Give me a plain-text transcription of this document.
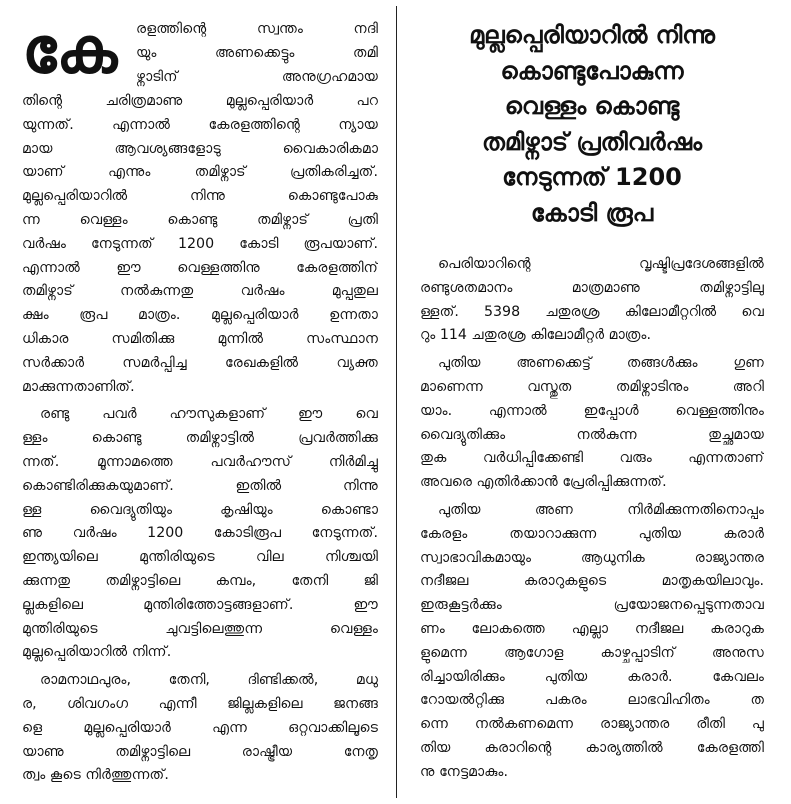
കേ രളത്തിന്റെ സ്വന്തം നദി
യും അണക്കെട്ടും തമി
ഴ്നാടിന് അനുഗ്രഹമായ
തിന്റെ ചരിത്രമാണു മുല്ലപ്പെരിയാർ പറ
യുന്നത്. എന്നാൽ കേരളത്തിന്റെ ന്യായ
മായ ആവശ്യങ്ങളോടു വൈകാരികമാ
യാണ് എന്നും തമിഴ്നാട് പ്രതികരിച്ചത്.
മുല്ലപ്പെരിയാറിൽ നിന്നു കൊണ്ടുപോകു
ന്ന വെള്ളം കൊണ്ടു തമിഴ്നാട് പ്രതി
വർഷം നേടുന്നത് 1200 കോടി രൂപയാണ്.
എന്നാൽ ഈ വെള്ളത്തിനു കേരളത്തിന്
തമിഴ്നാട് നൽകുന്നതു വർഷം മുപ്പതുല
ക്ഷം രൂപ മാത്രം. മുല്ലപ്പെരിയാർ ഉന്നതാ
ധികാര സമിതിക്കു മുന്നിൽ സംസ്ഥാന
സർക്കാർ സമർപ്പിച്ച രേഖകളിൽ വ്യക്ത
മാക്കുന്നതാണിത്.
രണ്ടു പവർ ഹൗസുകളാണ് ഈ വെ
ള്ളം കൊണ്ടു തമിഴ്നാട്ടിൽ പ്രവർത്തിക്കു
ന്നത്. മൂന്നാമത്തെ പവർഹൗസ് നിർമിച്ചു
കൊണ്ടിരിക്കുകയുമാണ്. ഇതിൽ നിന്നു
ള്ള വൈദ്യുതിയും കൃഷിയും കൊണ്ടാ
ണു വർഷം 1200 കോടിരൂപ നേടുന്നത്.
ഇന്ത്യയിലെ മുന്തിരിയുടെ വില നിശ്ചയി
ക്കുന്നതു തമിഴ്നാട്ടിലെ കമ്പം, തേനി ജി
ല്ലകളിലെ മുന്തിരിത്തോട്ടങ്ങളാണ്. ഈ
മുന്തിരിയുടെ ചുവട്ടിലെത്തുന്ന വെള്ളം
മുല്ലപ്പെരിയാറിൽ നിന്ന്.
രാമനാഥപുരം, തേനി, ദിണ്ടിക്കൽ, മധു
ര, ശിവഗംഗ എന്നീ ജില്ലകളിലെ ജനങ്ങ
ളെ മുല്ലപ്പെരിയാർ എന്ന ഒറ്റവാക്കിലൂടെ
യാണു തമിഴ്നാട്ടിലെ രാഷ്ട്രീയ നേതൃ
ത്വം കൂടെ നിർത്തുന്നത്.
മുല്ലപ്പെരിയാറിൽ നിന്നു
കൊണ്ടുപോകുന്ന
വെള്ളം കൊണ്ടു
തമിഴ്നാട് പ്രതിവർഷം
നേടുന്നത് 1200
കോടി രൂപ
പെരിയാറിന്റെ വൃഷ്ടിപ്രദേശങ്ങളിൽ
രണ്ടുശതമാനം മാത്രമാണു തമിഴ്നാട്ടിലു
ള്ളത്. 5398 ചതുരശ്ര കിലോമീറ്ററിൽ വെ
റും 114 ചതുരശ്ര കിലോമീറ്റർ മാത്രം.
പുതിയ അണക്കെട്ട് തങ്ങൾക്കും ഗുണ
മാണെന്ന വസ്തുത തമിഴ്നാടിനും അറി
യാം. എന്നാൽ ഇപ്പോൾ വെള്ളത്തിനും
വൈദ്യുതിക്കും നൽകുന്ന തുച്ഛമായ
തുക വർധിപ്പിക്കേണ്ടി വരും എന്നതാണ്
അവരെ എതിർക്കാൻ പ്രേരിപ്പിക്കുന്നത്.
പുതിയ അണ നിർമിക്കുന്നതിനൊപ്പം
കേരളം തയാറാക്കുന്ന പുതിയ കരാർ
സ്വാഭാവികമായും ആധുനിക രാജ്യാന്തര
നദീജല കരാറുകളുടെ മാതൃകയിലാവും.
ഇരുകൂട്ടർക്കും പ്രയോജനപ്പെടുന്നതാവ
ണം ലോകത്തെ എല്ലാ നദീജല കരാറുക
ളുമെന്ന ആഗോള കാഴ്ചപ്പാടിന് അനുസ
രിച്ചായിരിക്കും പുതിയ കരാർ. കേവലം
റോയൽറ്റിക്കു പകരം ലാഭവിഹിതം ത
ന്നെ നൽകണമെന്ന രാജ്യാന്തര രീതി പു
തിയ കരാറിന്റെ കാര്യത്തിൽ കേരളത്തി
നു നേട്ടമാകും.
